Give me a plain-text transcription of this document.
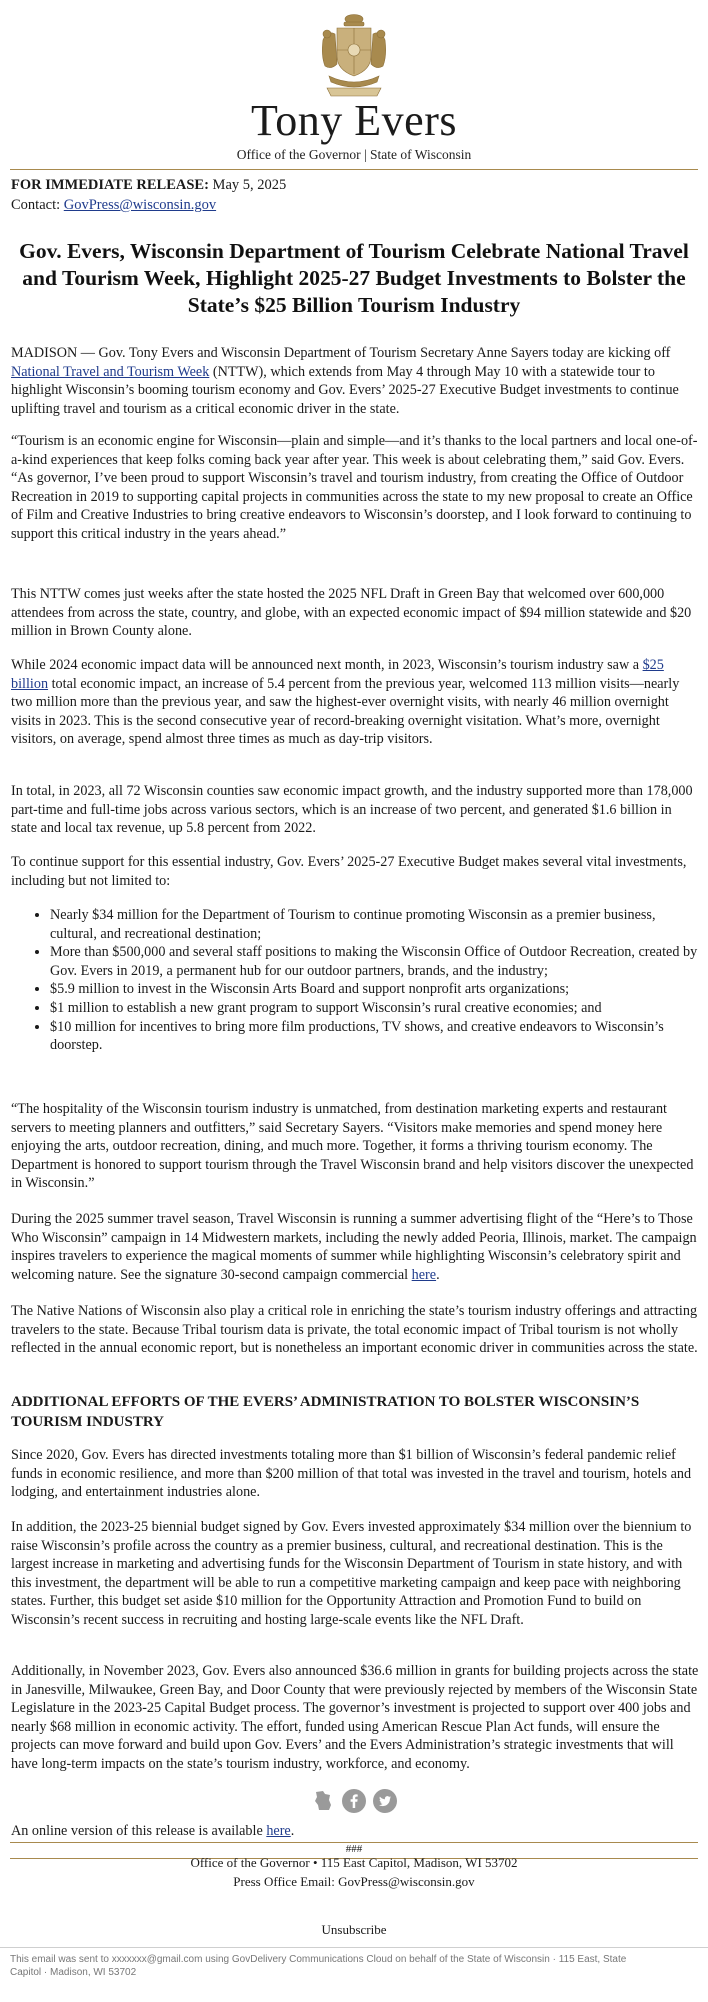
Tony Evers
Office of the Governor | State of Wisconsin
FOR IMMEDIATE RELEASE: May 5, 2025
Contact: GovPress@wisconsin.gov
Gov. Evers, Wisconsin Department of Tourism Celebrate National Travel and Tourism Week, Highlight 2025-27 Budget Investments to Bolster the State’s $25 Billion Tourism Industry

MADISON — Gov. Tony Evers and Wisconsin Department of Tourism Secretary Anne Sayers today are kicking off National Travel and Tourism Week (NTTW), which extends from May 4 through May 10 with a statewide tour to highlight Wisconsin’s booming tourism economy and Gov. Evers’ 2025-27 Executive Budget investments to continue uplifting travel and tourism as a critical economic driver in the state.

“Tourism is an economic engine for Wisconsin—plain and simple—and it’s thanks to the local partners and local one-of-a-kind experiences that keep folks coming back year after year. This week is about celebrating them,” said Gov. Evers. “As governor, I’ve been proud to support Wisconsin’s travel and tourism industry, from creating the Office of Outdoor Recreation in 2019 to supporting capital projects in communities across the state to my new proposal to create an Office of Film and Creative Industries to bring creative endeavors to Wisconsin’s doorstep, and I look forward to continuing to support this critical industry in the years ahead.”
This NTTW comes just weeks after the state hosted the 2025 NFL Draft in Green Bay that welcomed over 600,000 attendees from across the state, country, and globe, with an expected economic impact of $94 million statewide and $20 million in Brown County alone.

While 2024 economic impact data will be announced next month, in 2023, Wisconsin’s tourism industry saw a $25 billion total economic impact, an increase of 5.4 percent from the previous year, welcomed 113 million visits—nearly two million more than the previous year, and saw the highest-ever overnight visits, with nearly 46 million overnight visits in 2023. This is the second consecutive year of record-breaking overnight visitation. What’s more, overnight visitors, on average, spend almost three times as much as day-trip visitors.

In total, in 2023, all 72 Wisconsin counties saw economic impact growth, and the industry supported more than 178,000 part-time and full-time jobs across various sectors, which is an increase of two percent, and generated $1.6 billion in state and local tax revenue, up 5.8 percent from 2022.
To continue support for this essential industry, Gov. Evers’ 2025-27 Executive Budget makes several vital investments, including but not limited to:
• Nearly $34 million for the Department of Tourism to continue promoting Wisconsin as a premier business, cultural, and recreational destination;
• More than $500,000 and several staff positions to making the Wisconsin Office of Outdoor Recreation, created by Gov. Evers in 2019, a permanent hub for our outdoor partners, brands, and the industry;
• $5.9 million to invest in the Wisconsin Arts Board and support nonprofit arts organizations;
• $1 million to establish a new grant program to support Wisconsin’s rural creative economies; and
• $10 million for incentives to bring more film productions, TV shows, and creative endeavors to Wisconsin’s doorstep.
“The hospitality of the Wisconsin tourism industry is unmatched, from destination marketing experts and restaurant servers to meeting planners and outfitters,” said Secretary Sayers. “Visitors make memories and spend money here enjoying the arts, outdoor recreation, dining, and much more. Together, it forms a thriving tourism economy. The Department is honored to support tourism through the Travel Wisconsin brand and help visitors discover the unexpected in Wisconsin.”

During the 2025 summer travel season, Travel Wisconsin is running a summer advertising flight of the “Here’s to Those Who Wisconsin” campaign in 14 Midwestern markets, including the newly added Peoria, Illinois, market. The campaign inspires travelers to experience the magical moments of summer while highlighting Wisconsin’s celebratory spirit and welcoming nature. See the signature 30-second campaign commercial here.

The Native Nations of Wisconsin also play a critical role in enriching the state’s tourism industry offerings and attracting travelers to the state. Because Tribal tourism data is private, the total economic impact of Tribal tourism is not wholly reflected in the annual economic report, but is nonetheless an important economic driver in communities across the state.
ADDITIONAL EFFORTS OF THE EVERS’ ADMINISTRATION TO BOLSTER WISCONSIN’S TOURISM INDUSTRY
Since 2020, Gov. Evers has directed investments totaling more than $1 billion of Wisconsin’s federal pandemic relief funds in economic resilience, and more than $200 million of that total was invested in the travel and tourism, hotels and lodging, and entertainment industries alone.
In addition, the 2023-25 biennial budget signed by Gov. Evers invested approximately $34 million over the biennium to raise Wisconsin’s profile across the country as a premier business, cultural, and recreational destination. This is the largest increase in marketing and advertising funds for the Wisconsin Department of Tourism in state history, and with this investment, the department will be able to run a competitive marketing campaign and keep pace with neighboring states. Further, this budget set aside $10 million for the Opportunity Attraction and Promotion Fund to build on Wisconsin’s recent success in recruiting and hosting large-scale events like the NFL Draft.
Additionally, in November 2023, Gov. Evers also announced $36.6 million in grants for building projects across the state in Janesville, Milwaukee, Green Bay, and Door County that were previously rejected by members of the Wisconsin State Legislature in the 2023-25 Capital Budget process. The governor’s investment is projected to support over 400 jobs and nearly $68 million in economic activity. The effort, funded using American Rescue Plan Act funds, will ensure the projects can move forward and build upon Gov. Evers’ and the Evers Administration’s strategic investments that will have long-term impacts on the state’s tourism industry, workforce, and economy.

An online version of this release is available here.

###
Office of the Governor • 115 East Capitol, Madison, WI 53702
Press Office Email: GovPress@wisconsin.gov
Unsubscribe
This email was sent to xxxxxxx@gmail.com using GovDelivery Communications Cloud on behalf of the State of Wisconsin · 115 East, State Capitol · Madison, WI 53702
